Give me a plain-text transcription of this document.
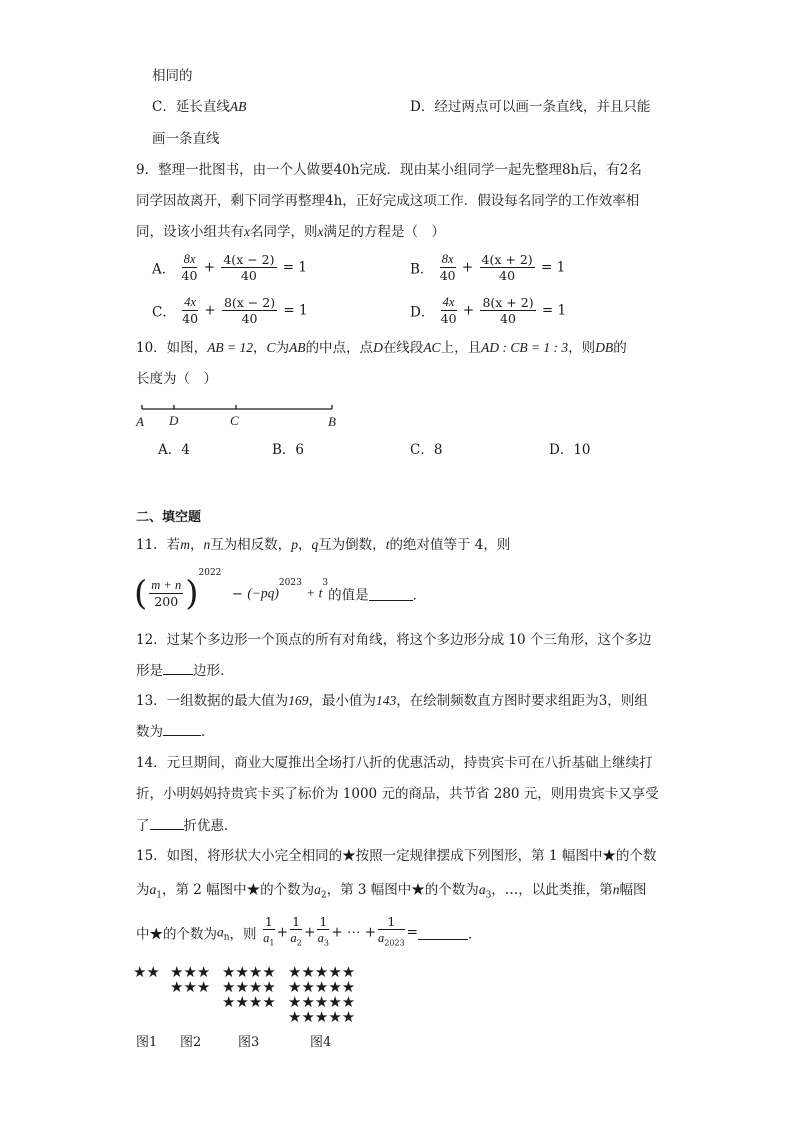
相同的
C．延长直线AB	D．经过两点可以画一条直线，并且只能
画一条直线
9．整理一批图书，由一个人做要40h完成．现由某小组同学一起先整理8h后，有2名
同学因故离开，剩下同学再整理4h，正好完成这项工作．假设每名同学的工作效率相
同，设该小组共有x名同学，则x满足的方程是（　）
A． $\frac{8x}{40} + \frac{4(x - 2)}{40} = 1$	B． $\frac{8x}{40} + \frac{4(x + 2)}{40} = 1$
C． $\frac{4x}{40} + \frac{8(x - 2)}{40} = 1$	D． $\frac{4x}{40} + \frac{8(x + 2)}{40} = 1$
10．如图，AB = 12，C为AB的中点，点D在线段AC上，且AD : CB = 1 : 3，则DB的
长度为（　）
A D	C	B
A．4	B．6	C．8	D．10
二、填空题
11．若m，n互为相反数，p，q互为倒数，t的绝对值等于 4，则
( $\frac{m + n}{200} )^{2022} - (-pq)^{2023} + t^3$的值是	．
12．过某个多边形一个顶点的所有对角线，将这个多边形分成 10 个三角形，这个多边
形是 边形．
13．一组数据的最大值为169，最小值为143，在绘制频数直方图时要求组距为3，则组
数为	．
14．元旦期间，商业大厦推出全场打八折的优惠活动，持贵宾卡可在八折基础上继续打
折，小明妈妈持贵宾卡买了标价为 1000 元的商品，共节省 280 元，则用贵宾卡又享受
了	折优惠．
15．如图，将形状大小完全相同的★按照一定规律摆成下列图形，第 1 幅图中★的个数
为$a_1$，第 2 幅图中★的个数为$a_2$，第 3 幅图中★的个数为$a_3$，…，以此类推，第n幅图
中★的个数为$a_n$，则 $\frac{1}{a_1} + \frac{1}{a_2} + \frac{1}{a_3}$ + ⋯ + $\frac{1}{a_{2023}}$ =	．
★★ ★★★
★★★
★★★★
★★★★
★★★★
★★★★★
★★★★★
★★★★★
★★★★★
图1 图2	图3	图4
